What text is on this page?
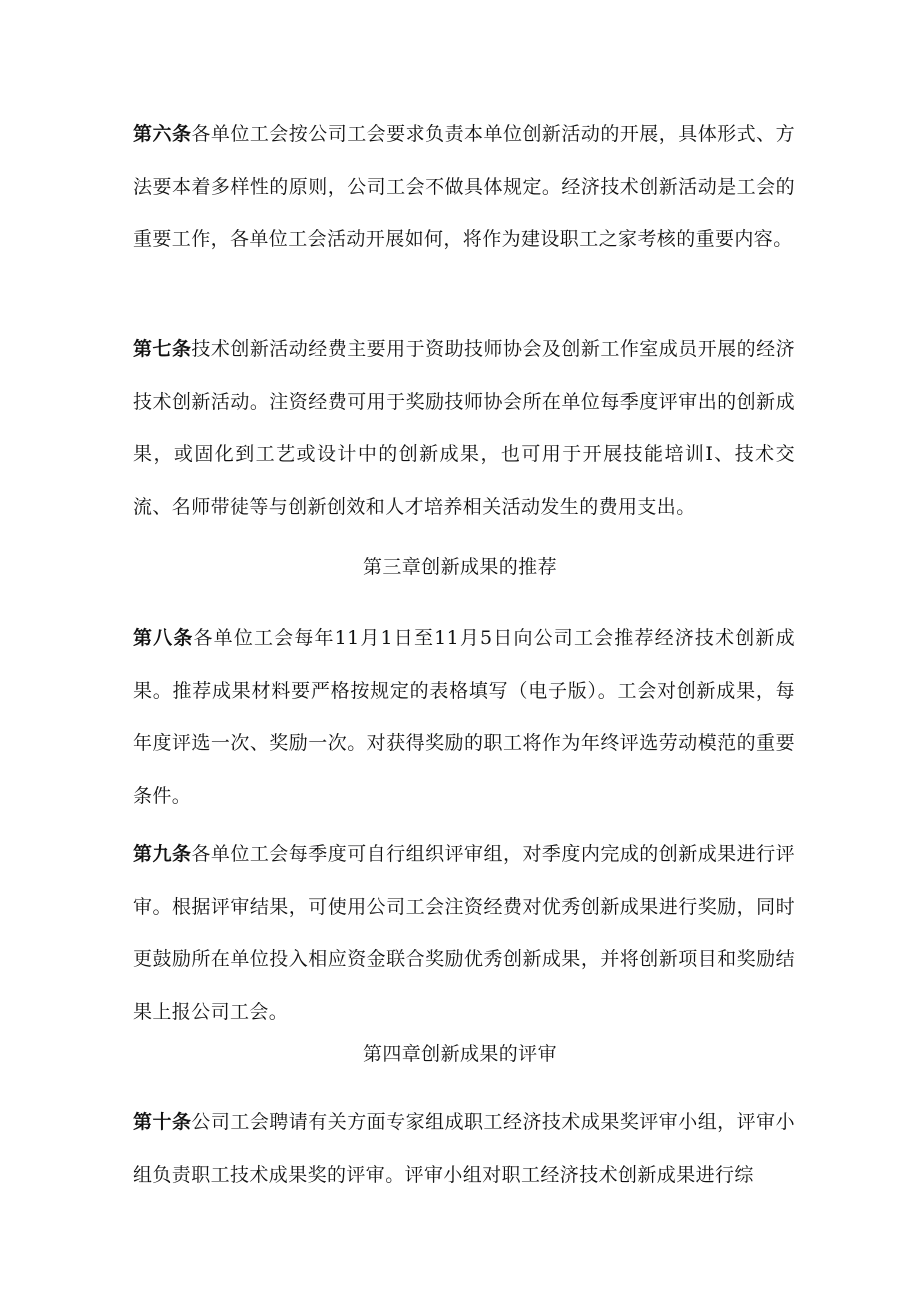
第六条各单位工会按公司工会要求负责本单位创新活动的开展，具体形式、方法要本着多样性的原则，公司工会不做具体规定。经济技术创新活动是工会的重要工作，各单位工会活动开展如何，将作为建设职工之家考核的重要内容。

第七条技术创新活动经费主要用于资助技师协会及创新工作室成员开展的经济技术创新活动。注资经费可用于奖励技师协会所在单位每季度评审出的创新成果，或固化到工艺或设计中的创新成果，也可用于开展技能培训I、技术交流、名师带徒等与创新创效和人才培养相关活动发生的费用支出。

第三章创新成果的推荐

第八条各单位工会每年11月1日至11月5日向公司工会推荐经济技术创新成果。推荐成果材料要严格按规定的表格填写（电子版）。工会对创新成果，每年度评选一次、奖励一次。对获得奖励的职工将作为年终评选劳动模范的重要条件。

第九条各单位工会每季度可自行组织评审组，对季度内完成的创新成果进行评审。根据评审结果，可使用公司工会注资经费对优秀创新成果进行奖励，同时更鼓励所在单位投入相应资金联合奖励优秀创新成果，并将创新项目和奖励结果上报公司工会。

第四章创新成果的评审

第十条公司工会聘请有关方面专家组成职工经济技术成果奖评审小组，评审小组负责职工技术成果奖的评审。评审小组对职工经济技术创新成果进行综
